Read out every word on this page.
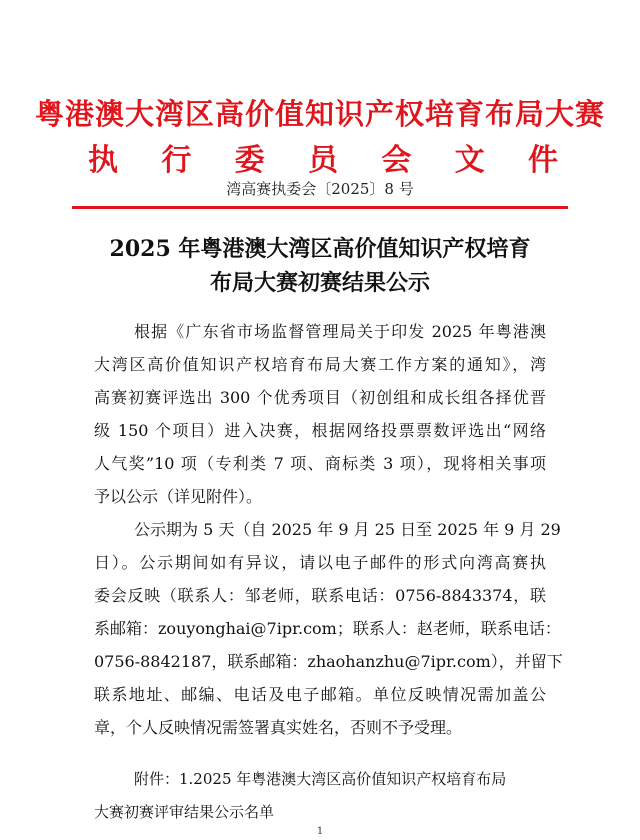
粤港澳大湾区高价值知识产权培育布局大赛
执 行 委 员 会 文 件
湾高赛执委会〔2025〕8 号
2025 年粤港澳大湾区高价值知识产权培育
布局大赛初赛结果公示
根据《广东省市场监督管理局关于印发 2025 年粤港澳
大湾区高价值知识产权培育布局大赛工作方案的通知》，湾
高赛初赛评选出 300 个优秀项目（初创组和成长组各择优晋
级 150 个项目）进入决赛，根据网络投票票数评选出“网络
人气奖”10 项（专利类 7 项、商标类 3 项），现将相关事项
予以公示（详见附件）。
公示期为 5 天（自 2025 年 9 月 25 日至 2025 年 9 月 29
日）。公示期间如有异议，请以电子邮件的形式向湾高赛执
委会反映（联系人：邹老师，联系电话：0756-8843374，联
系邮箱：zouyonghai@7ipr.com；联系人：赵老师，联系电话：
0756-8842187，联系邮箱：zhaohanzhu@7ipr.com），并留下
联系地址、邮编、电话及电子邮箱。单位反映情况需加盖公
章，个人反映情况需签署真实姓名，否则不予受理。
附件：1.2025 年粤港澳大湾区高价值知识产权培育布局
大赛初赛评审结果公示名单
1
